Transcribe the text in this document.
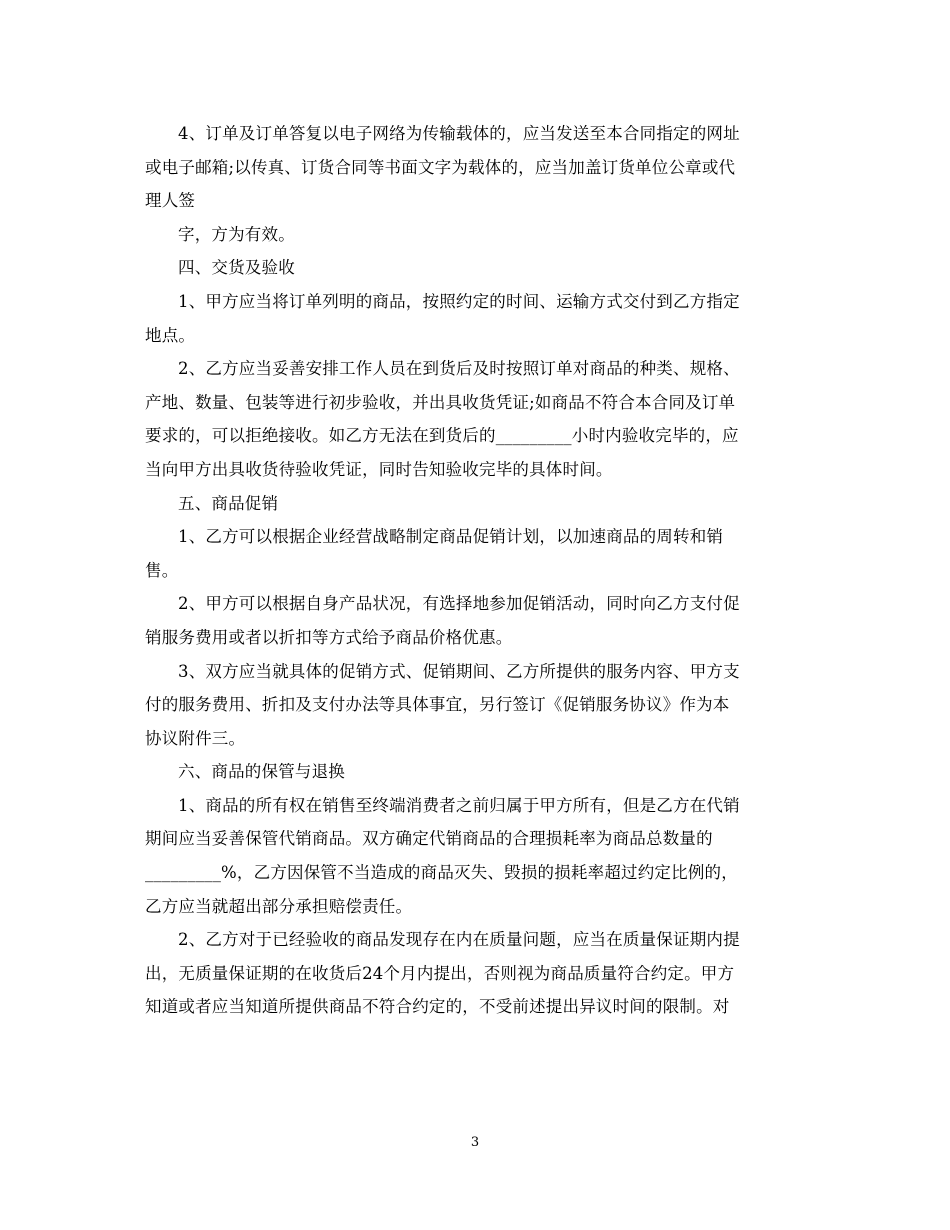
4、订单及订单答复以电子网络为传输载体的，应当发送至本合同指定的网址
或电子邮箱;以传真、订货合同等书面文字为载体的，应当加盖订货单位公章或代
理人签

字，方为有效。

四、交货及验收

1、甲方应当将订单列明的商品，按照约定的时间、运输方式交付到乙方指定
地点。

2、乙方应当妥善安排工作人员在到货后及时按照订单对商品的种类、规格、
产地、数量、包装等进行初步验收，并出具收货凭证;如商品不符合本合同及订单
要求的，可以拒绝接收。如乙方无法在到货后的_________小时内验收完毕的，应
当向甲方出具收货待验收凭证，同时告知验收完毕的具体时间。

五、商品促销

1、乙方可以根据企业经营战略制定商品促销计划，以加速商品的周转和销
售。

2、甲方可以根据自身产品状况，有选择地参加促销活动，同时向乙方支付促
销服务费用或者以折扣等方式给予商品价格优惠。

3、双方应当就具体的促销方式、促销期间、乙方所提供的服务内容、甲方支
付的服务费用、折扣及支付办法等具体事宜，另行签订《促销服务协议》作为本
协议附件三。

六、商品的保管与退换

1、商品的所有权在销售至终端消费者之前归属于甲方所有，但是乙方在代销
期间应当妥善保管代销商品。双方确定代销商品的合理损耗率为商品总数量的
_________%，乙方因保管不当造成的商品灭失、毁损的损耗率超过约定比例的，
乙方应当就超出部分承担赔偿责任。

2、乙方对于已经验收的商品发现存在内在质量问题，应当在质量保证期内提
出，无质量保证期的在收货后24个月内提出，否则视为商品质量符合约定。甲方
知道或者应当知道所提供商品不符合约定的，不受前述提出异议时间的限制。对

3
